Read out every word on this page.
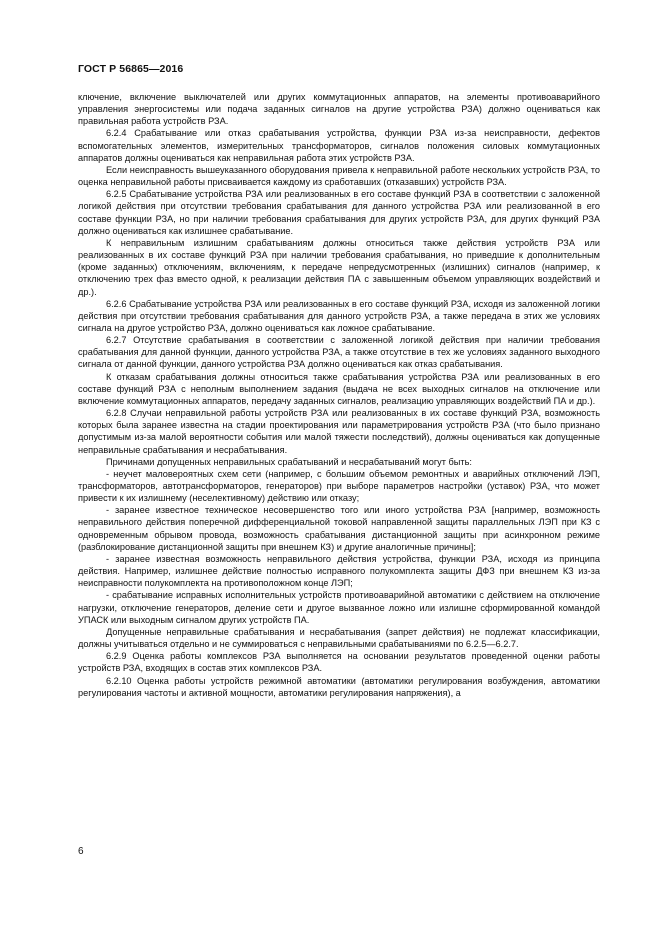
ГОСТ Р 56865—2016

ключение, включение выключателей или других коммутационных аппаратов, на элементы противоаварийного управления энергосистемы или подача заданных сигналов на другие устройства РЗА) должно оцениваться как правильная работа устройств РЗА.

6.2.4 Срабатывание или отказ срабатывания устройства, функции РЗА из-за неисправности, дефектов вспомогательных элементов, измерительных трансформаторов, сигналов положения силовых коммутационных аппаратов должны оцениваться как неправильная работа этих устройств РЗА.

Если неисправность вышеуказанного оборудования привела к неправильной работе нескольких устройств РЗА, то оценка неправильной работы присваивается каждому из сработавших (отказавших) устройств РЗА.

6.2.5 Срабатывание устройства РЗА или реализованных в его составе функций РЗА в соответствии с заложенной логикой действия при отсутствии требования срабатывания для данного устройства РЗА или реализованной в его составе функции РЗА, но при наличии требования срабатывания для других устройств РЗА, для других функций РЗА должно оцениваться как излишнее срабатывание.

К неправильным излишним срабатываниям должны относиться также действия устройств РЗА или реализованных в их составе функций РЗА при наличии требования срабатывания, но приведшие к дополнительным (кроме заданных) отключениям, включениям, к передаче непредусмотренных (излишних) сигналов (например, к отключению трех фаз вместо одной, к реализации действия ПА с завышенным объемом управляющих воздействий и др.).

6.2.6 Срабатывание устройства РЗА или реализованных в его составе функций РЗА, исходя из заложенной логики действия при отсутствии требования срабатывания для данного устройств РЗА, а также передача в этих же условиях сигнала на другое устройство РЗА, должно оцениваться как ложное срабатывание.

6.2.7 Отсутствие срабатывания в соответствии с заложенной логикой действия при наличии требования срабатывания для данной функции, данного устройства РЗА, а также отсутствие в тех же условиях заданного выходного сигнала от данной функции, данного устройства РЗА должно оцениваться как отказ срабатывания.

К отказам срабатывания должны относиться также срабатывания устройства РЗА или реализованных в его составе функций РЗА с неполным выполнением задания (выдача не всех выходных сигналов на отключение или включение коммутационных аппаратов, передачу заданных сигналов, реализацию управляющих воздействий ПА и др.).

6.2.8 Случаи неправильной работы устройств РЗА или реализованных в их составе функций РЗА, возможность которых была заранее известна на стадии проектирования или параметрирования устройств РЗА (что было признано допустимым из-за малой вероятности события или малой тяжести последствий), должны оцениваться как допущенные неправильные срабатывания и несрабатывания.

Причинами допущенных неправильных срабатываний и несрабатываний могут быть:

- неучет маловероятных схем сети (например, с большим объемом ремонтных и аварийных отключений ЛЭП, трансформаторов, автотрансформаторов, генераторов) при выборе параметров настройки (уставок) РЗА, что может привести к их излишнему (неселективному) действию или отказу;

- заранее известное техническое несовершенство того или иного устройства РЗА [например, возможность неправильного действия поперечной дифференциальной токовой направленной защиты параллельных ЛЭП при КЗ с одновременным обрывом провода, возможность срабатывания дистанционной защиты при асинхронном режиме (разблокирование дистанционной защиты при внешнем КЗ) и другие аналогичные причины];

- заранее известная возможность неправильного действия устройства, функции РЗА, исходя из принципа действия. Например, излишнее действие полностью исправного полукомплекта защиты ДФЗ при внешнем КЗ из-за неисправности полукомплекта на противоположном конце ЛЭП;

- срабатывание исправных исполнительных устройств противоаварийной автоматики с действием на отключение нагрузки, отключение генераторов, деление сети и другое вызванное ложно или излишне сформированной командой УПАСК или выходным сигналом других устройств ПА.

Допущенные неправильные срабатывания и несрабатывания (запрет действия) не подлежат классификации, должны учитываться отдельно и не суммироваться с неправильными срабатываниями по 6.2.5—6.2.7.

6.2.9 Оценка работы комплексов РЗА выполняется на основании результатов проведенной оценки работы устройств РЗА, входящих в состав этих комплексов РЗА.

6.2.10 Оценка работы устройств режимной автоматики (автоматики регулирования возбуждения, автоматики регулирования частоты и активной мощности, автоматики регулирования напряжения), а

6
